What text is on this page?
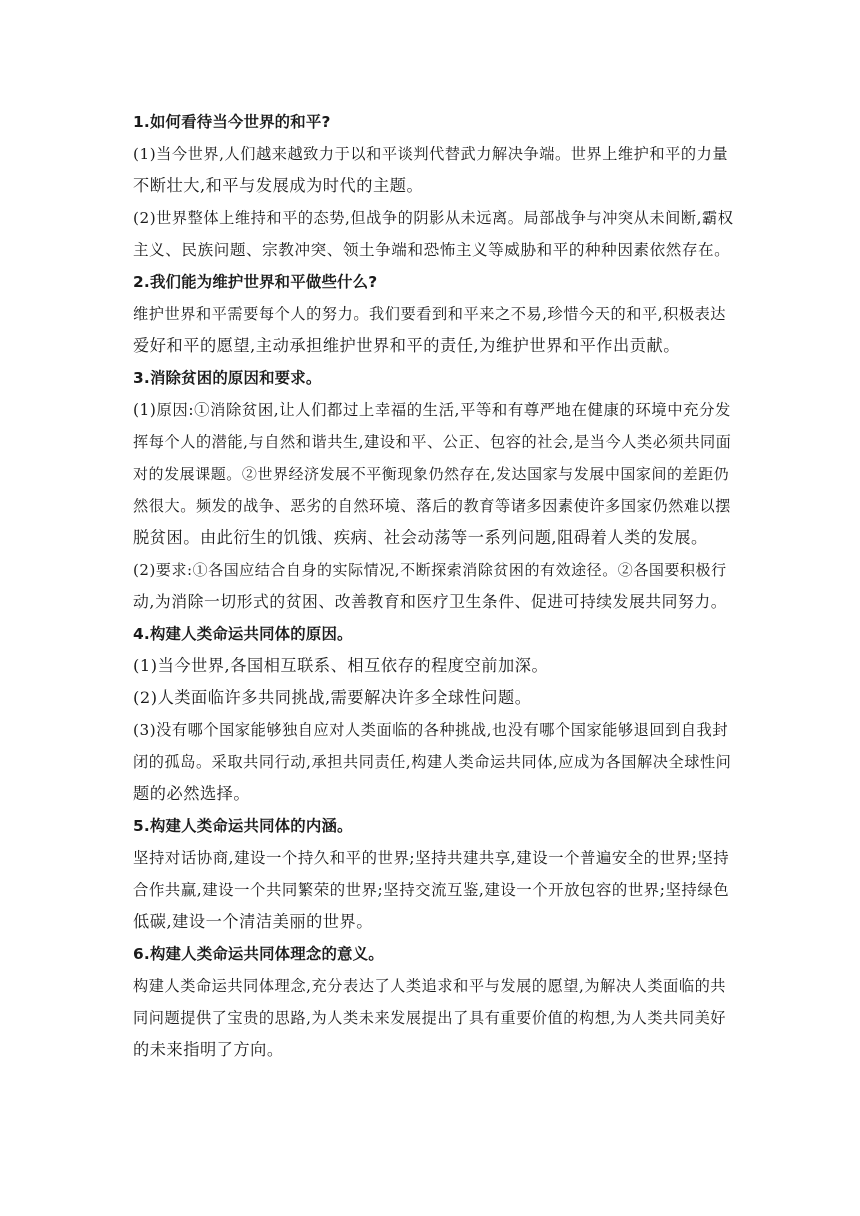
1.如何看待当今世界的和平?
(1)当今世界,人们越来越致力于以和平谈判代替武力解决争端。世界上维护和平的力量
不断壮大,和平与发展成为时代的主题。
(2)世界整体上维持和平的态势,但战争的阴影从未远离。局部战争与冲突从未间断,霸权
主义、民族问题、宗教冲突、领土争端和恐怖主义等威胁和平的种种因素依然存在。
2.我们能为维护世界和平做些什么?
维护世界和平需要每个人的努力。我们要看到和平来之不易,珍惜今天的和平,积极表达
爱好和平的愿望,主动承担维护世界和平的责任,为维护世界和平作出贡献。
3.消除贫困的原因和要求。
(1)原因:①消除贫困,让人们都过上幸福的生活,平等和有尊严地在健康的环境中充分发
挥每个人的潜能,与自然和谐共生,建设和平、公正、包容的社会,是当今人类必须共同面
对的发展课题。②世界经济发展不平衡现象仍然存在,发达国家与发展中国家间的差距仍
然很大。频发的战争、恶劣的自然环境、落后的教育等诸多因素使许多国家仍然难以摆
脱贫困。由此衍生的饥饿、疾病、社会动荡等一系列问题,阻碍着人类的发展。
(2)要求:①各国应结合自身的实际情况,不断探索消除贫困的有效途径。②各国要积极行
动,为消除一切形式的贫困、改善教育和医疗卫生条件、促进可持续发展共同努力。
4.构建人类命运共同体的原因。
(1)当今世界,各国相互联系、相互依存的程度空前加深。
(2)人类面临许多共同挑战,需要解决许多全球性问题。
(3)没有哪个国家能够独自应对人类面临的各种挑战,也没有哪个国家能够退回到自我封
闭的孤岛。采取共同行动,承担共同责任,构建人类命运共同体,应成为各国解决全球性问
题的必然选择。
5.构建人类命运共同体的内涵。
坚持对话协商,建设一个持久和平的世界;坚持共建共享,建设一个普遍安全的世界;坚持
合作共赢,建设一个共同繁荣的世界;坚持交流互鉴,建设一个开放包容的世界;坚持绿色
低碳,建设一个清洁美丽的世界。
6.构建人类命运共同体理念的意义。
构建人类命运共同体理念,充分表达了人类追求和平与发展的愿望,为解决人类面临的共
同问题提供了宝贵的思路,为人类未来发展提出了具有重要价值的构想,为人类共同美好
的未来指明了方向。
